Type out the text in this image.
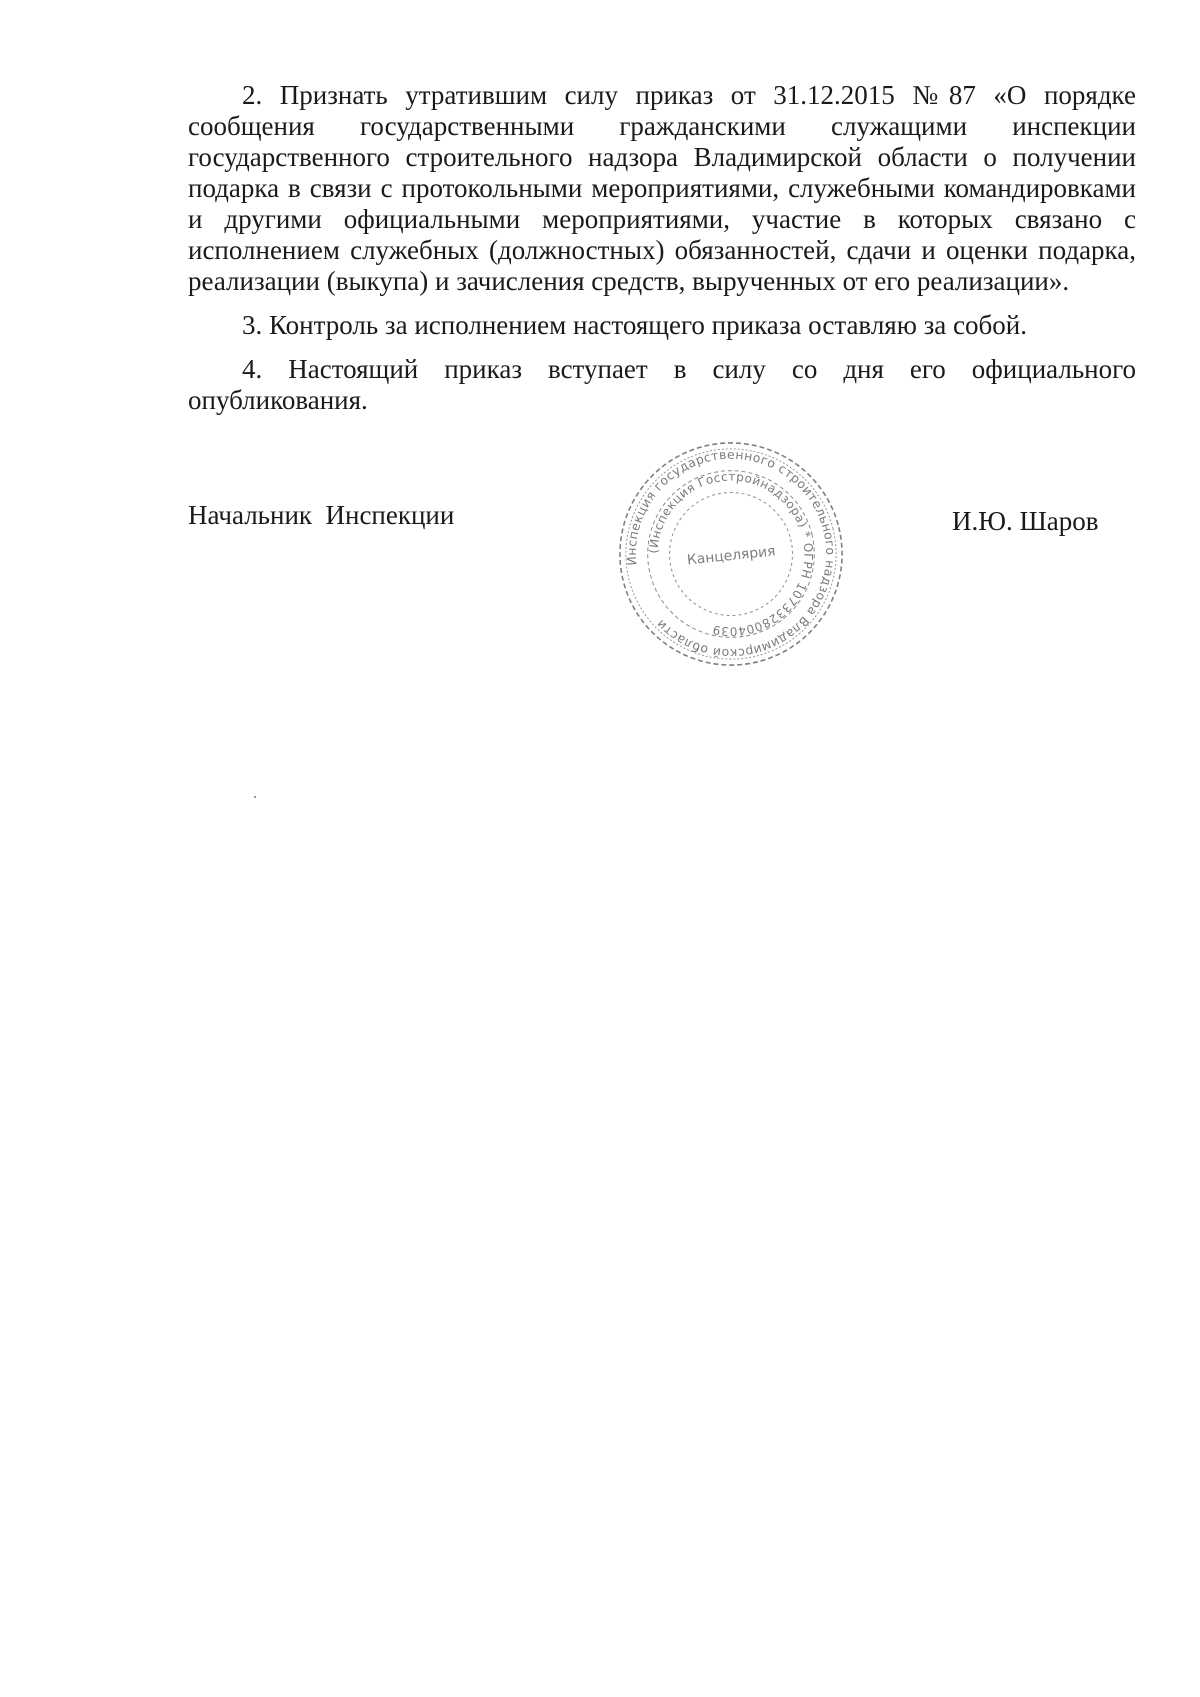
2. Признать утратившим силу приказ от 31.12.2015 №87 «О порядке сообщения государственными гражданскими служащими инспекции государственного строительного надзора Владимирской области о получении подарка в связи с протокольными мероприятиями, служебными командировками и другими официальными мероприятиями, участие в которых связано с исполнением служебных (должностных) обязанностей, сдачи и оценки подарка, реализации (выкупа) и зачисления средств, вырученных от его реализации».

3. Контроль за исполнением настоящего приказа оставляю за собой.

4. Настоящий приказ вступает в силу со дня его официального опубликования.

Начальник  Инспекции
Инспекция государственного строительного надзора Владимирской области
(Инспекция Госстройнадзора) * ОГРН 1073328004039
Канцелярия
И.Ю. Шаров
